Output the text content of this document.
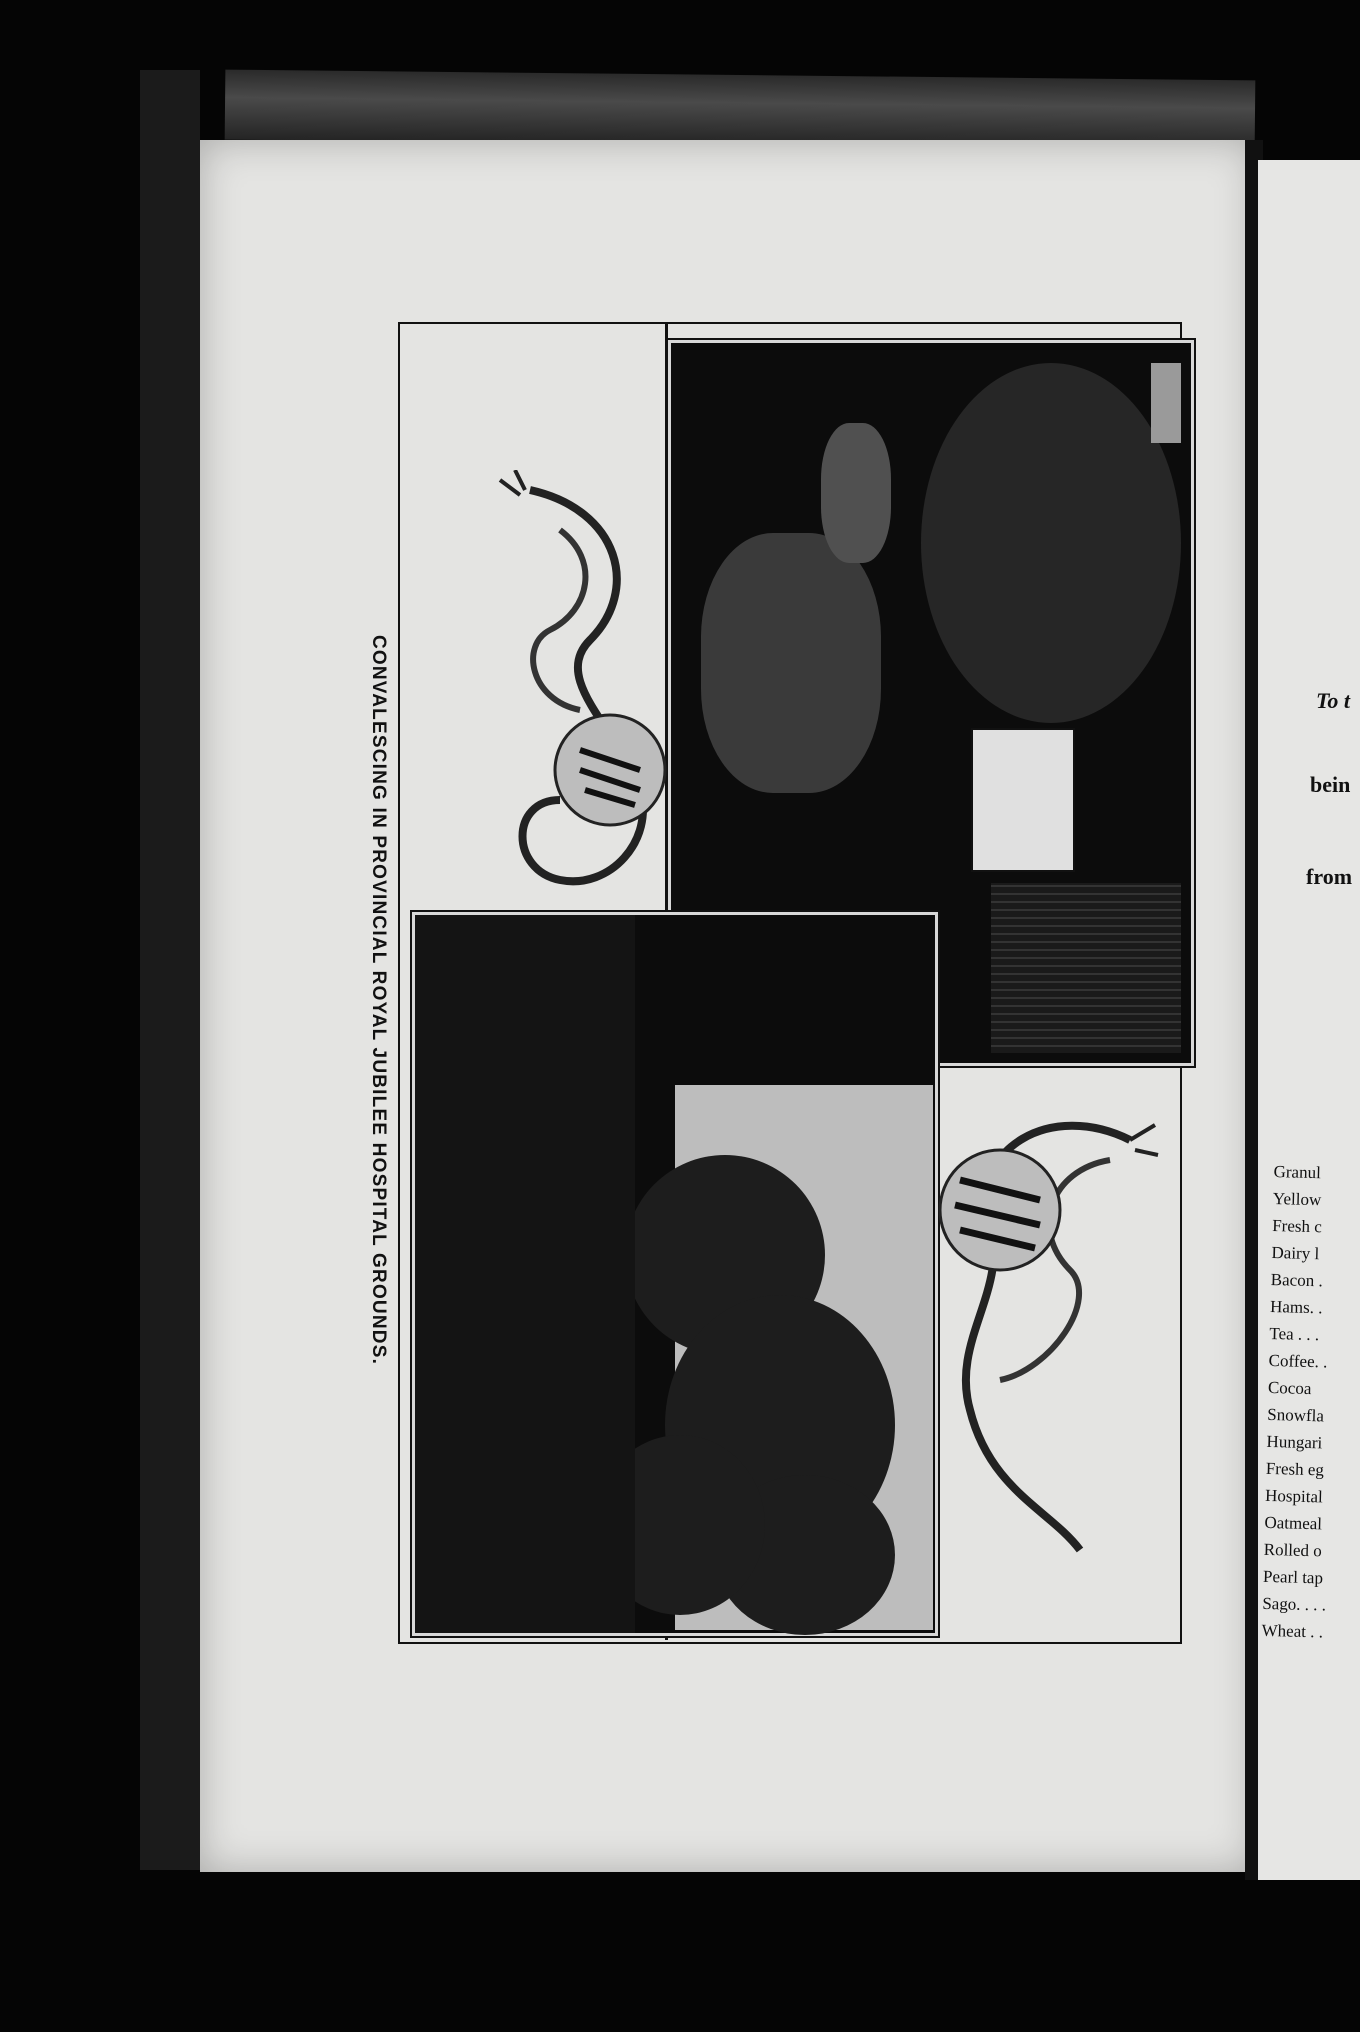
CONVALESCING IN PROVINCIAL ROYAL JUBILEE HOSPITAL GROUNDS.	To t
bein
from
Granul
Yellow
Fresh c
Dairy l
Bacon .
Hams. .
Tea . . .
Coffee. .
Cocoa
Snowfla
Hungari
Fresh eg
Hospital
Oatmeal
Rolled o
Pearl tap
Sago. . . .
Wheat . .
